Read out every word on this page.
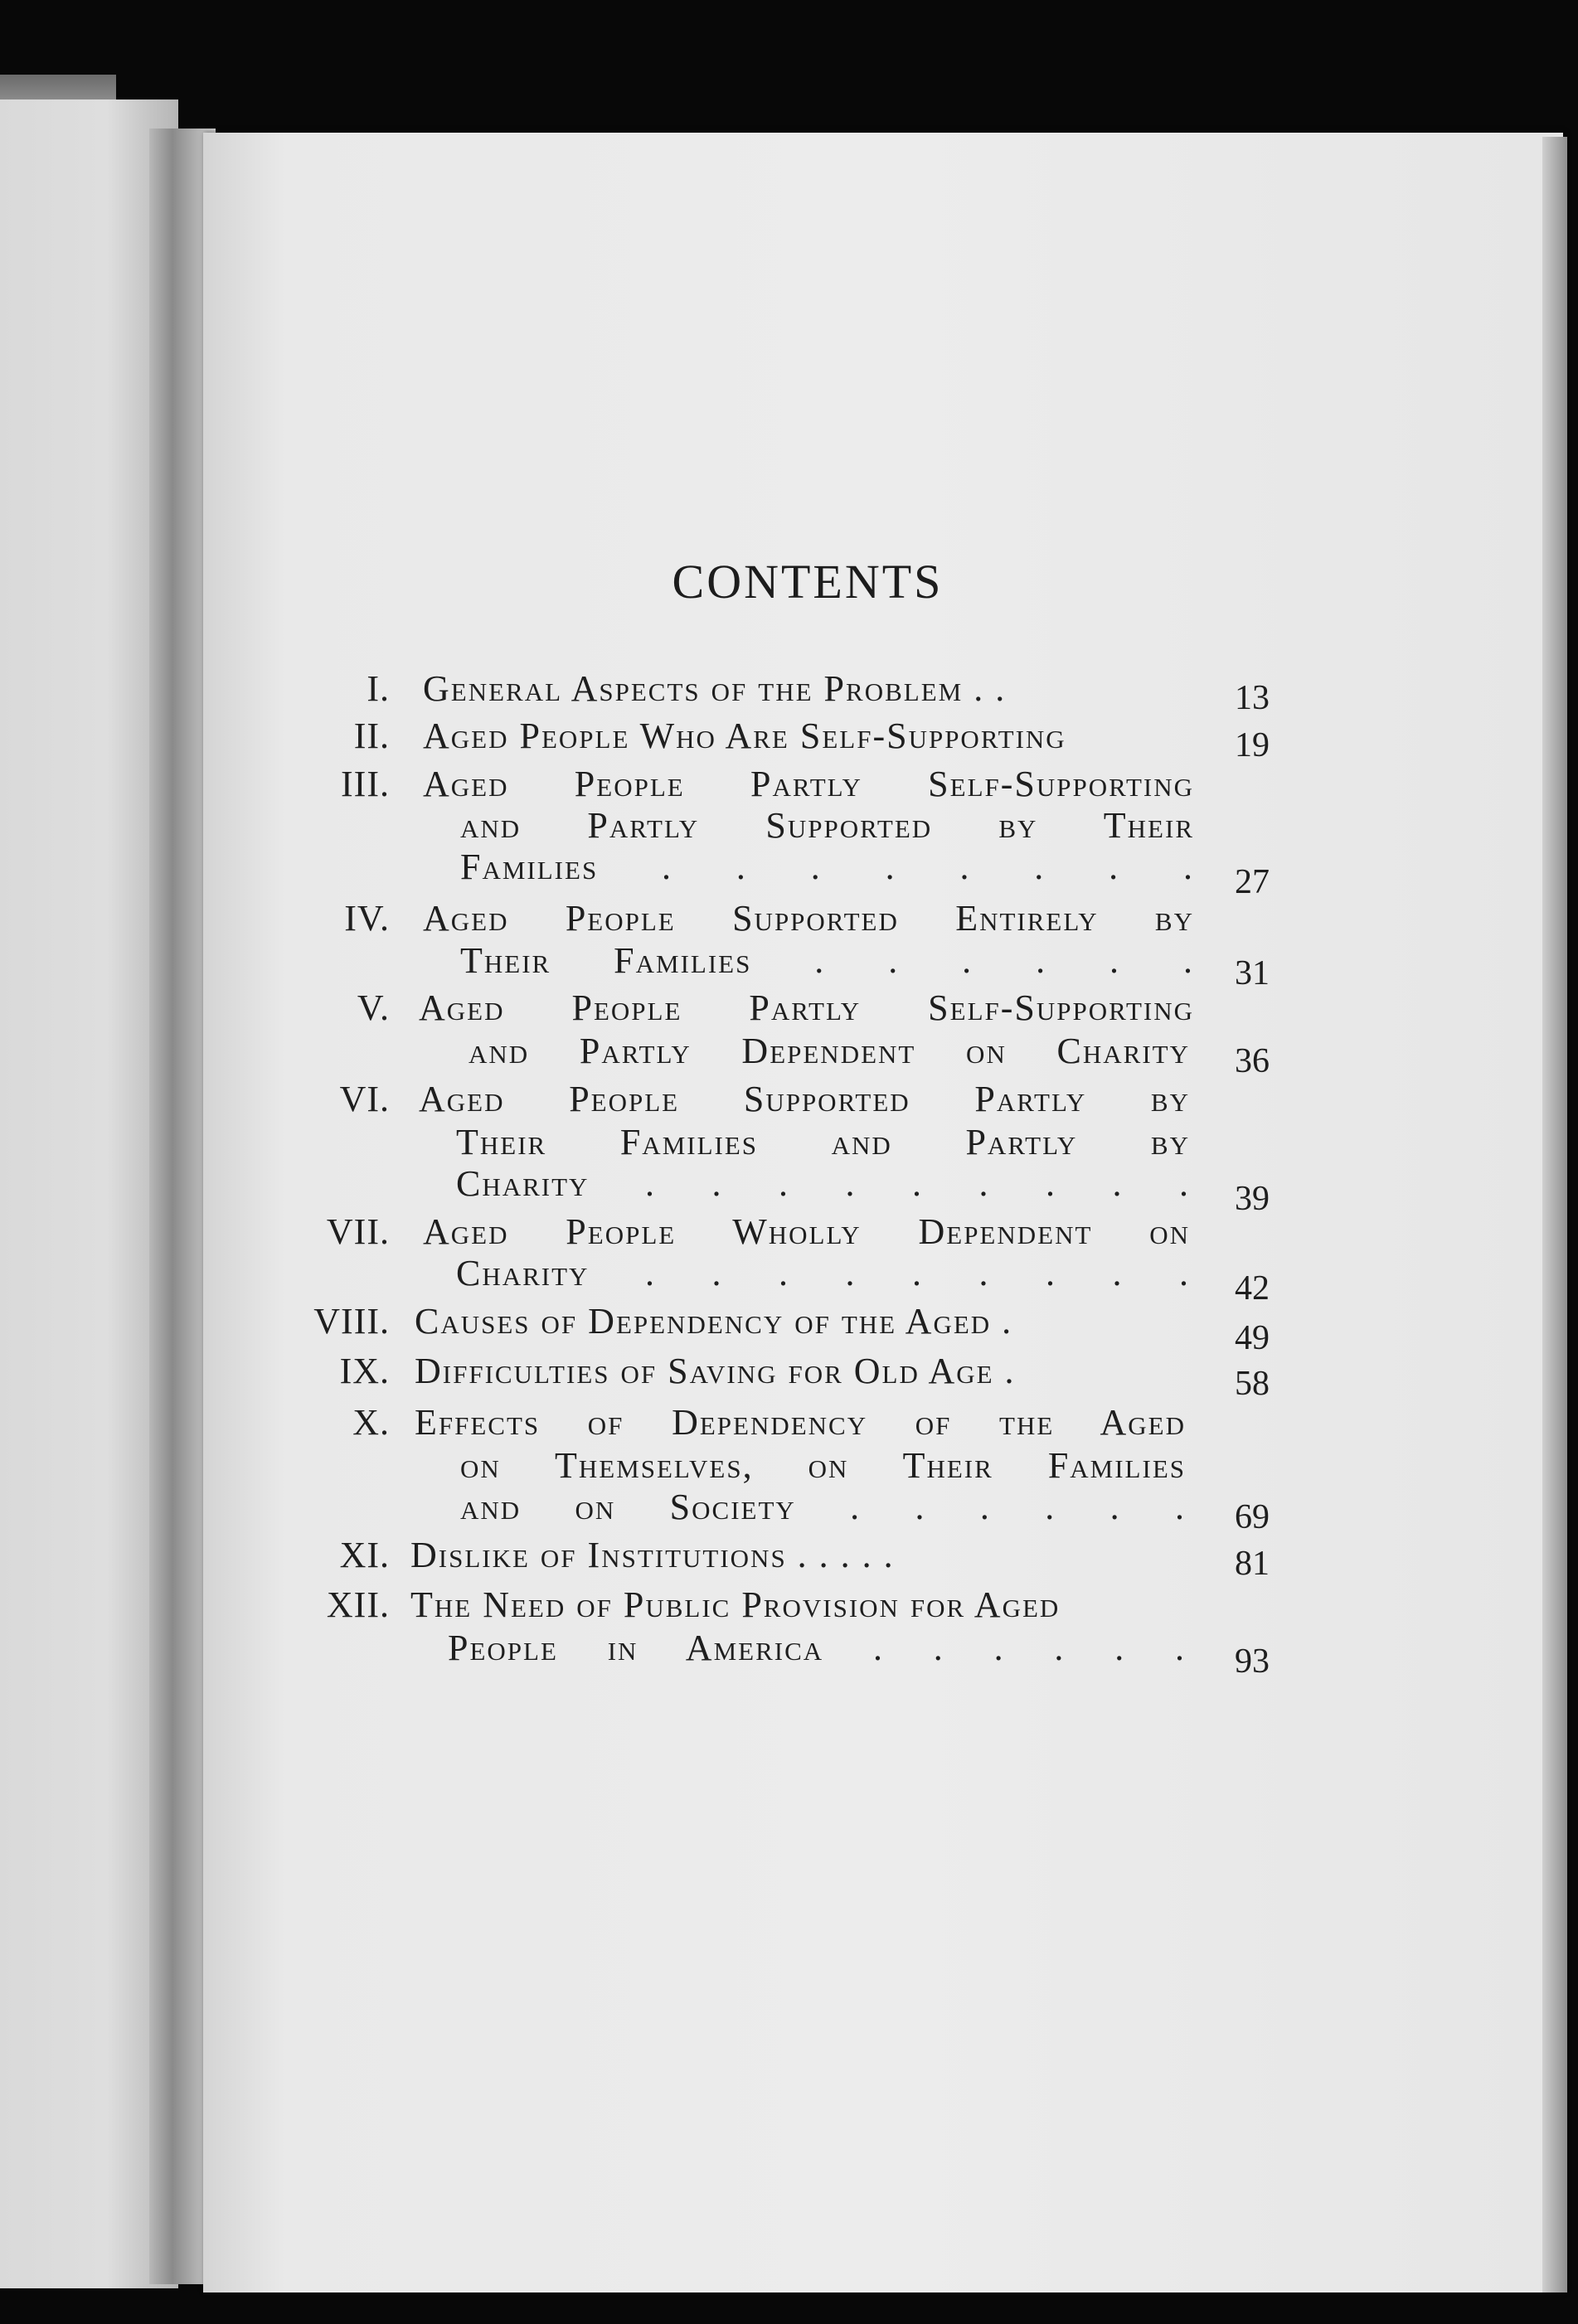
CONTENTS
I. General Aspects of the Problem . .	13
II. Aged People Who Are Self-Supporting	19
III. Aged People Partly Self-Supporting
and Partly Supported by Their
Families . . . . . . . .	27
IV. Aged People Supported Entirely by
Their Families . . . . . .	31
V. Aged People Partly Self-Supporting
and Partly Dependent on Charity	36
VI. Aged People Supported Partly by
Their Families and Partly by
Charity . . . . . . . . .	39
VII. Aged People Wholly Dependent on
Charity . . . . . . . . .	42
VIII. Causes of Dependency of the Aged .	49
IX. Difficulties of Saving for Old Age .	58
X. Effects of Dependency of the Aged
on Themselves, on Their Families
and on Society . . . . . .	69
XI. Dislike of Institutions . . . . .	81
XII. The Need of Public Provision for Aged
People in America . . . . . .	93
